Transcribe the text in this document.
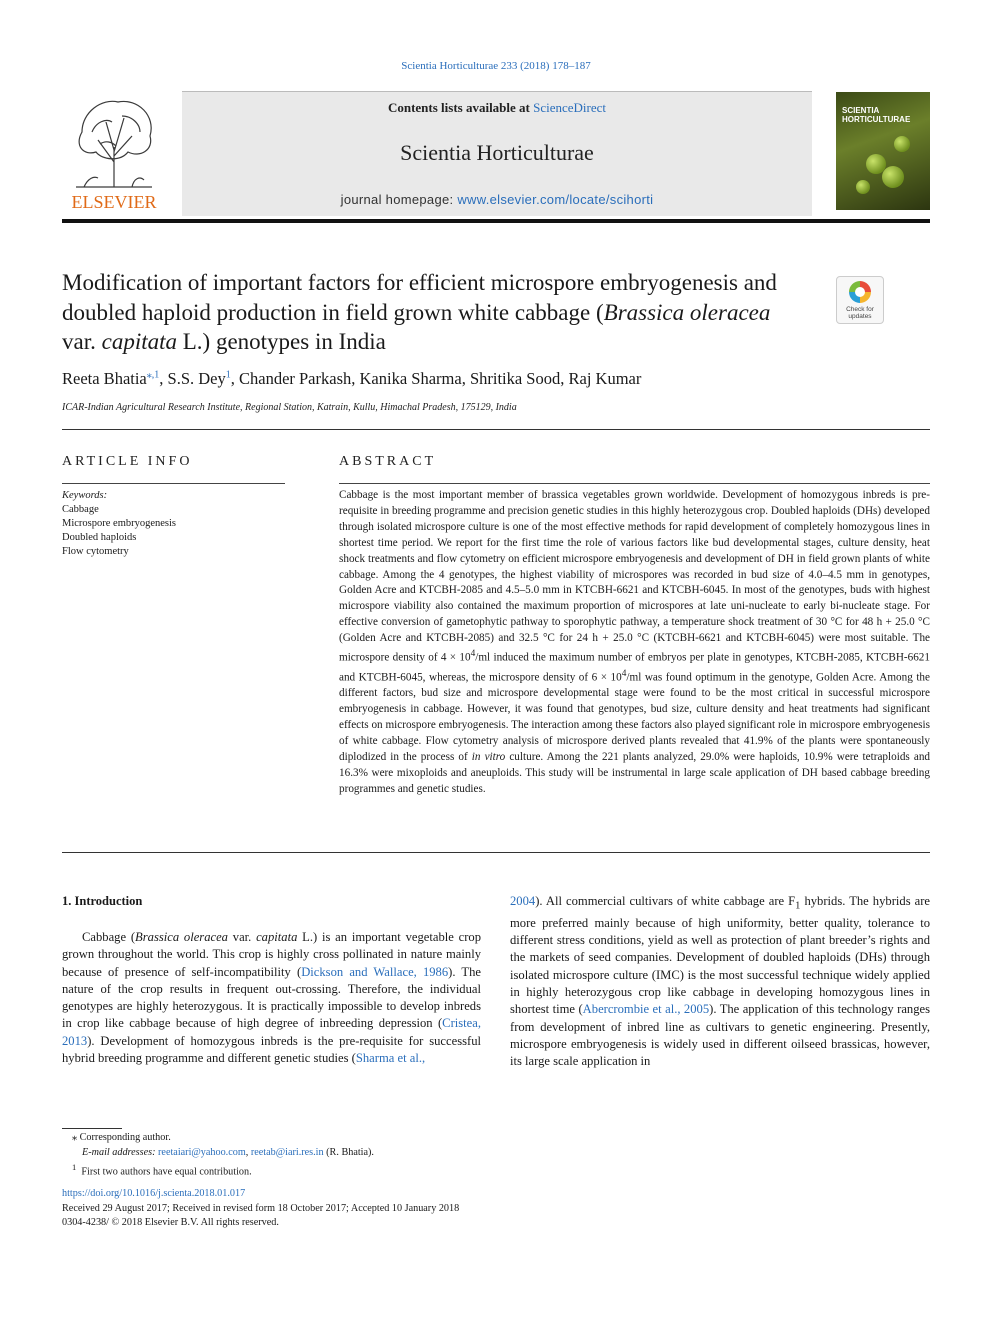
Scientia Horticulturae 233 (2018) 178–187
ELSEVIER
Contents lists available at ScienceDirect
Scientia Horticulturae
journal homepage: www.elsevier.com/locate/scihorti
SCIENTIA HORTICULTURAE
Modification of important factors for efficient microspore embryogenesis and doubled haploid production in field grown white cabbage (Brassica oleracea var. capitata L.) genotypes in India
Check for updates
Reeta Bhatia$^{⁎,1}$, S.S. Dey$^1$, Chander Parkash, Kanika Sharma, Shritika Sood, Raj Kumar
ICAR-Indian Agricultural Research Institute, Regional Station, Katrain, Kullu, Himachal Pradesh, 175129, India
ARTICLE INFO
Keywords:
Cabbage
Microspore embryogenesis
Doubled haploids
Flow cytometry
ABSTRACT
Cabbage is the most important member of brassica vegetables grown worldwide. Development of homozygous inbreds is pre-requisite in breeding programme and precision genetic studies in this highly heterozygous crop. Doubled haploids (DHs) developed through isolated microspore culture is one of the most effective methods for rapid development of completely homozygous lines in shortest time period. We report for the first time the role of various factors like bud developmental stages, culture density, heat shock treatments and flow cytometry on efficient microspore embryogenesis and development of DH in field grown plants of white cabbage. Among the 4 genotypes, the highest viability of microspores was recorded in bud size of 4.0–4.5 mm in genotypes, Golden Acre and KTCBH-2085 and 4.5–5.0 mm in KTCBH-6621 and KTCBH-6045. In most of the genotypes, buds with highest microspore viability also contained the maximum proportion of microspores at late uni-nucleate to early bi-nucleate stage. For effective conversion of gametophytic pathway to sporophytic pathway, a temperature shock treatment of 30 °C for 48 h + 25.0 °C (Golden Acre and KTCBH-2085) and 32.5 °C for 24 h + 25.0 °C (KTCBH-6621 and KTCBH-6045) were most suitable. The microspore density of $4 \times 10^4/ml$ induced the maximum number of embryos per plate in genotypes, KTCBH-2085, KTCBH-6621 and KTCBH-6045, whereas, the microspore density of $6 \times 10^4/ml$ was found optimum in the genotype, Golden Acre. Among the different factors, bud size and microspore developmental stage were found to be the most critical in successful microspore embryogenesis in cabbage. However, it was found that genotypes, bud size, culture density and heat treatments had significant effects on microspore embryogenesis. The interaction among these factors also played significant role in microspore embryogenesis of white cabbage. Flow cytometry analysis of microspore derived plants revealed that 41.9% of the plants were spontaneously diplodized in the process of in vitro culture. Among the 221 plants analyzed, 29.0% were haploids, 10.9% were tetraploids and 16.3% were mixoploids and aneuploids. This study will be instrumental in large scale application of DH based cabbage breeding programmes and genetic studies.
1. Introduction
Cabbage (Brassica oleracea var. capitata L.) is an important vegetable crop grown throughout the world. This crop is highly cross pollinated in nature mainly because of presence of self-incompatibility (Dickson and Wallace, 1986). The nature of the crop results in frequent out-crossing. Therefore, the individual genotypes are highly heterozygous. It is practically impossible to develop inbreds in crop like cabbage because of high degree of inbreeding depression (Cristea, 2013). Development of homozygous inbreds is the pre-requisite for successful hybrid breeding programme and different genetic studies (Sharma et al.,
2004). All commercial cultivars of white cabbage are $F_1$ hybrids. The hybrids are more preferred mainly because of high uniformity, better quality, tolerance to different stress conditions, yield as well as protection of plant breeder’s rights and the markets of seed companies. Development of doubled haploids (DHs) through isolated microspore culture (IMC) is the most successful technique widely applied in highly heterozygous crop like cabbage in developing homozygous lines in shortest time (Abercrombie et al., 2005). The application of this technology ranges from development of inbred line as cultivars to genetic engineering. Presently, microspore embryogenesis is widely used in different oilseed brassicas, however, its large scale application in
⁎ Corresponding author.
E-mail addresses: reetaiari@yahoo.com, reetab@iari.res.in (R. Bhatia).
$^1$ First two authors have equal contribution.
https://doi.org/10.1016/j.scienta.2018.01.017
Received 29 August 2017; Received in revised form 18 October 2017; Accepted 10 January 2018
0304-4238/ © 2018 Elsevier B.V. All rights reserved.
